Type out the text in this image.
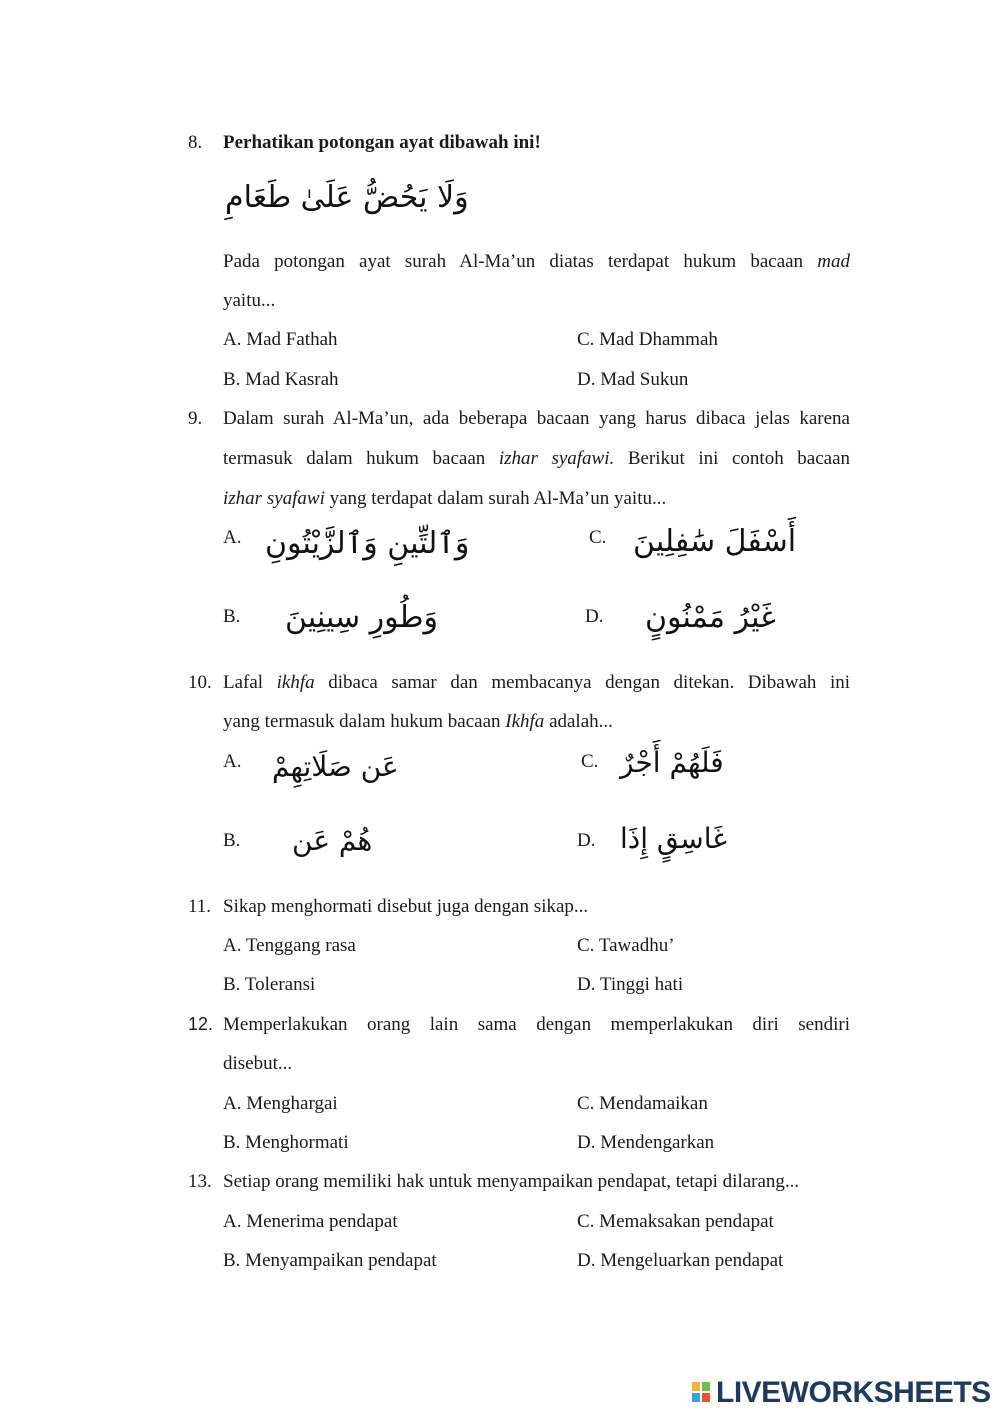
8. Perhatikan potongan ayat dibawah ini!
وَلَا يَحُضُّ عَلَىٰ طَعَامِ
Pada potongan ayat surah Al-Ma’un diatas terdapat hukum bacaan mad
yaitu...
A. Mad Fathah	C. Mad Dhammah
B. Mad Kasrah	D. Mad Sukun
9. Dalam surah Al-Ma’un, ada beberapa bacaan yang harus dibaca jelas karena
termasuk dalam hukum bacaan izhar syafawi. Berikut ini contoh bacaan
izhar syafawi yang terdapat dalam surah Al-Ma’un yaitu...
A. وَٱلتِّينِ وَٱلزَّيْتُونِ	C. أَسْفَلَ سَٰفِلِينَ
B. وَطُورِ سِينِينَ	D. غَيْرُ مَمْنُونٍ
10. Lafal ikhfa dibaca samar dan membacanya dengan ditekan. Dibawah ini
yang termasuk dalam hukum bacaan Ikhfa adalah...
A. عَن صَلَاتِهِمْ	C. فَلَهُمْ أَجْرٌ
B. هُمْ عَن	D. غَاسِقٍ إِذَا
11. Sikap menghormati disebut juga dengan sikap...
A. Tenggang rasa	C. Tawadhu’
B. Toleransi	D. Tinggi hati
12. Memperlakukan orang lain sama dengan memperlakukan diri sendiri
disebut...
A. Menghargai	C. Mendamaikan
B. Menghormati	D. Mendengarkan
13. Setiap orang memiliki hak untuk menyampaikan pendapat, tetapi dilarang...
A. Menerima pendapat	C. Memaksakan pendapat
B. Menyampaikan pendapat	D. Mengeluarkan pendapat
LIVEWORKSHEETS
